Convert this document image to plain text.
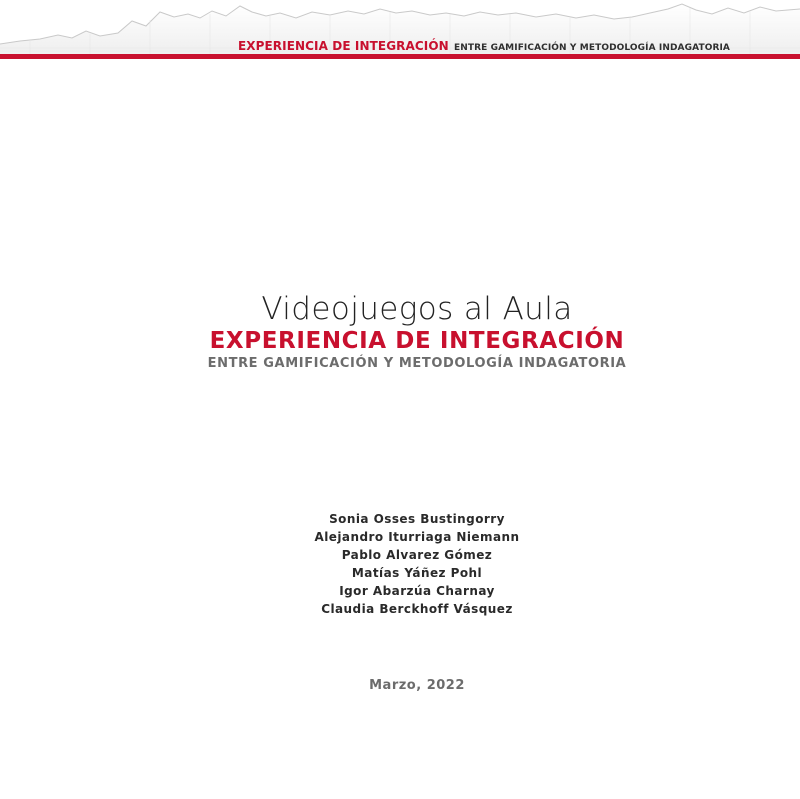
EXPERIENCIA DE INTEGRACIÓN ENTRE GAMIFICACIÓN Y METODOLOGÍA INDAGATORIA
Videojuegos al Aula
EXPERIENCIA DE INTEGRACIÓN
ENTRE GAMIFICACIÓN Y METODOLOGÍA INDAGATORIA
Sonia Osses Bustingorry
Alejandro Iturriaga Niemann
Pablo Alvarez Gómez
Matías Yáñez Pohl
Igor Abarzúa Charnay
Claudia Berckhoff Vásquez
Marzo, 2022
